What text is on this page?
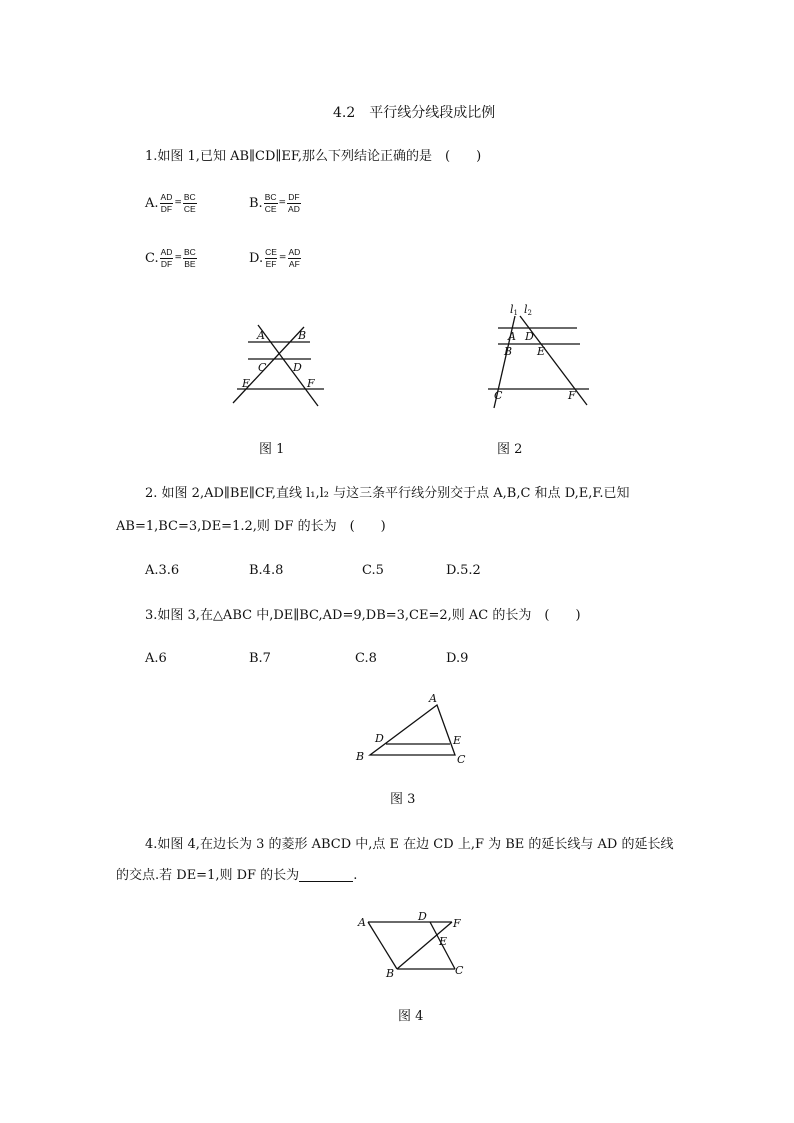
4.2　平行线分线段成比例
1.如图 1,已知 AB∥CD∥EF,那么下列结论正确的是　(　　)
A. $\frac{AD}{DF} = \frac{BC}{CE}$	B. $\frac{BC}{CE} = \frac{DF}{AD}$
C. $\frac{AD}{DF} = \frac{BC}{BE}$	D. $\frac{CE}{EF} = \frac{AD}{AF}$
A	B
C D
E	F
图 1
l1 l2
A D
B E
C	F
图 2
2. 如图 2,AD∥BE∥CF,直线 l₁,l₂ 与这三条平行线分别交于点 A,B,C 和点 D,E,F.已知
AB=1,BC=3,DE=1.2,则 DF 的长为　(　　)
A.3.6	B.4.8	C.5	D.5.2
3.如图 3,在△ABC 中,DE∥BC,AD=9,DB=3,CE=2,则 AC 的长为　(　　)
A.6	B.7	C.8	D.9
A
D	E
B	C
图 3
4.如图 4,在边长为 3 的菱形 ABCD 中,点 E 在边 CD 上,F 为 BE 的延长线与 AD 的延长线
的交点.若 DE=1,则 DF 的长为	.
A	D
F
E
B	C
图 4
